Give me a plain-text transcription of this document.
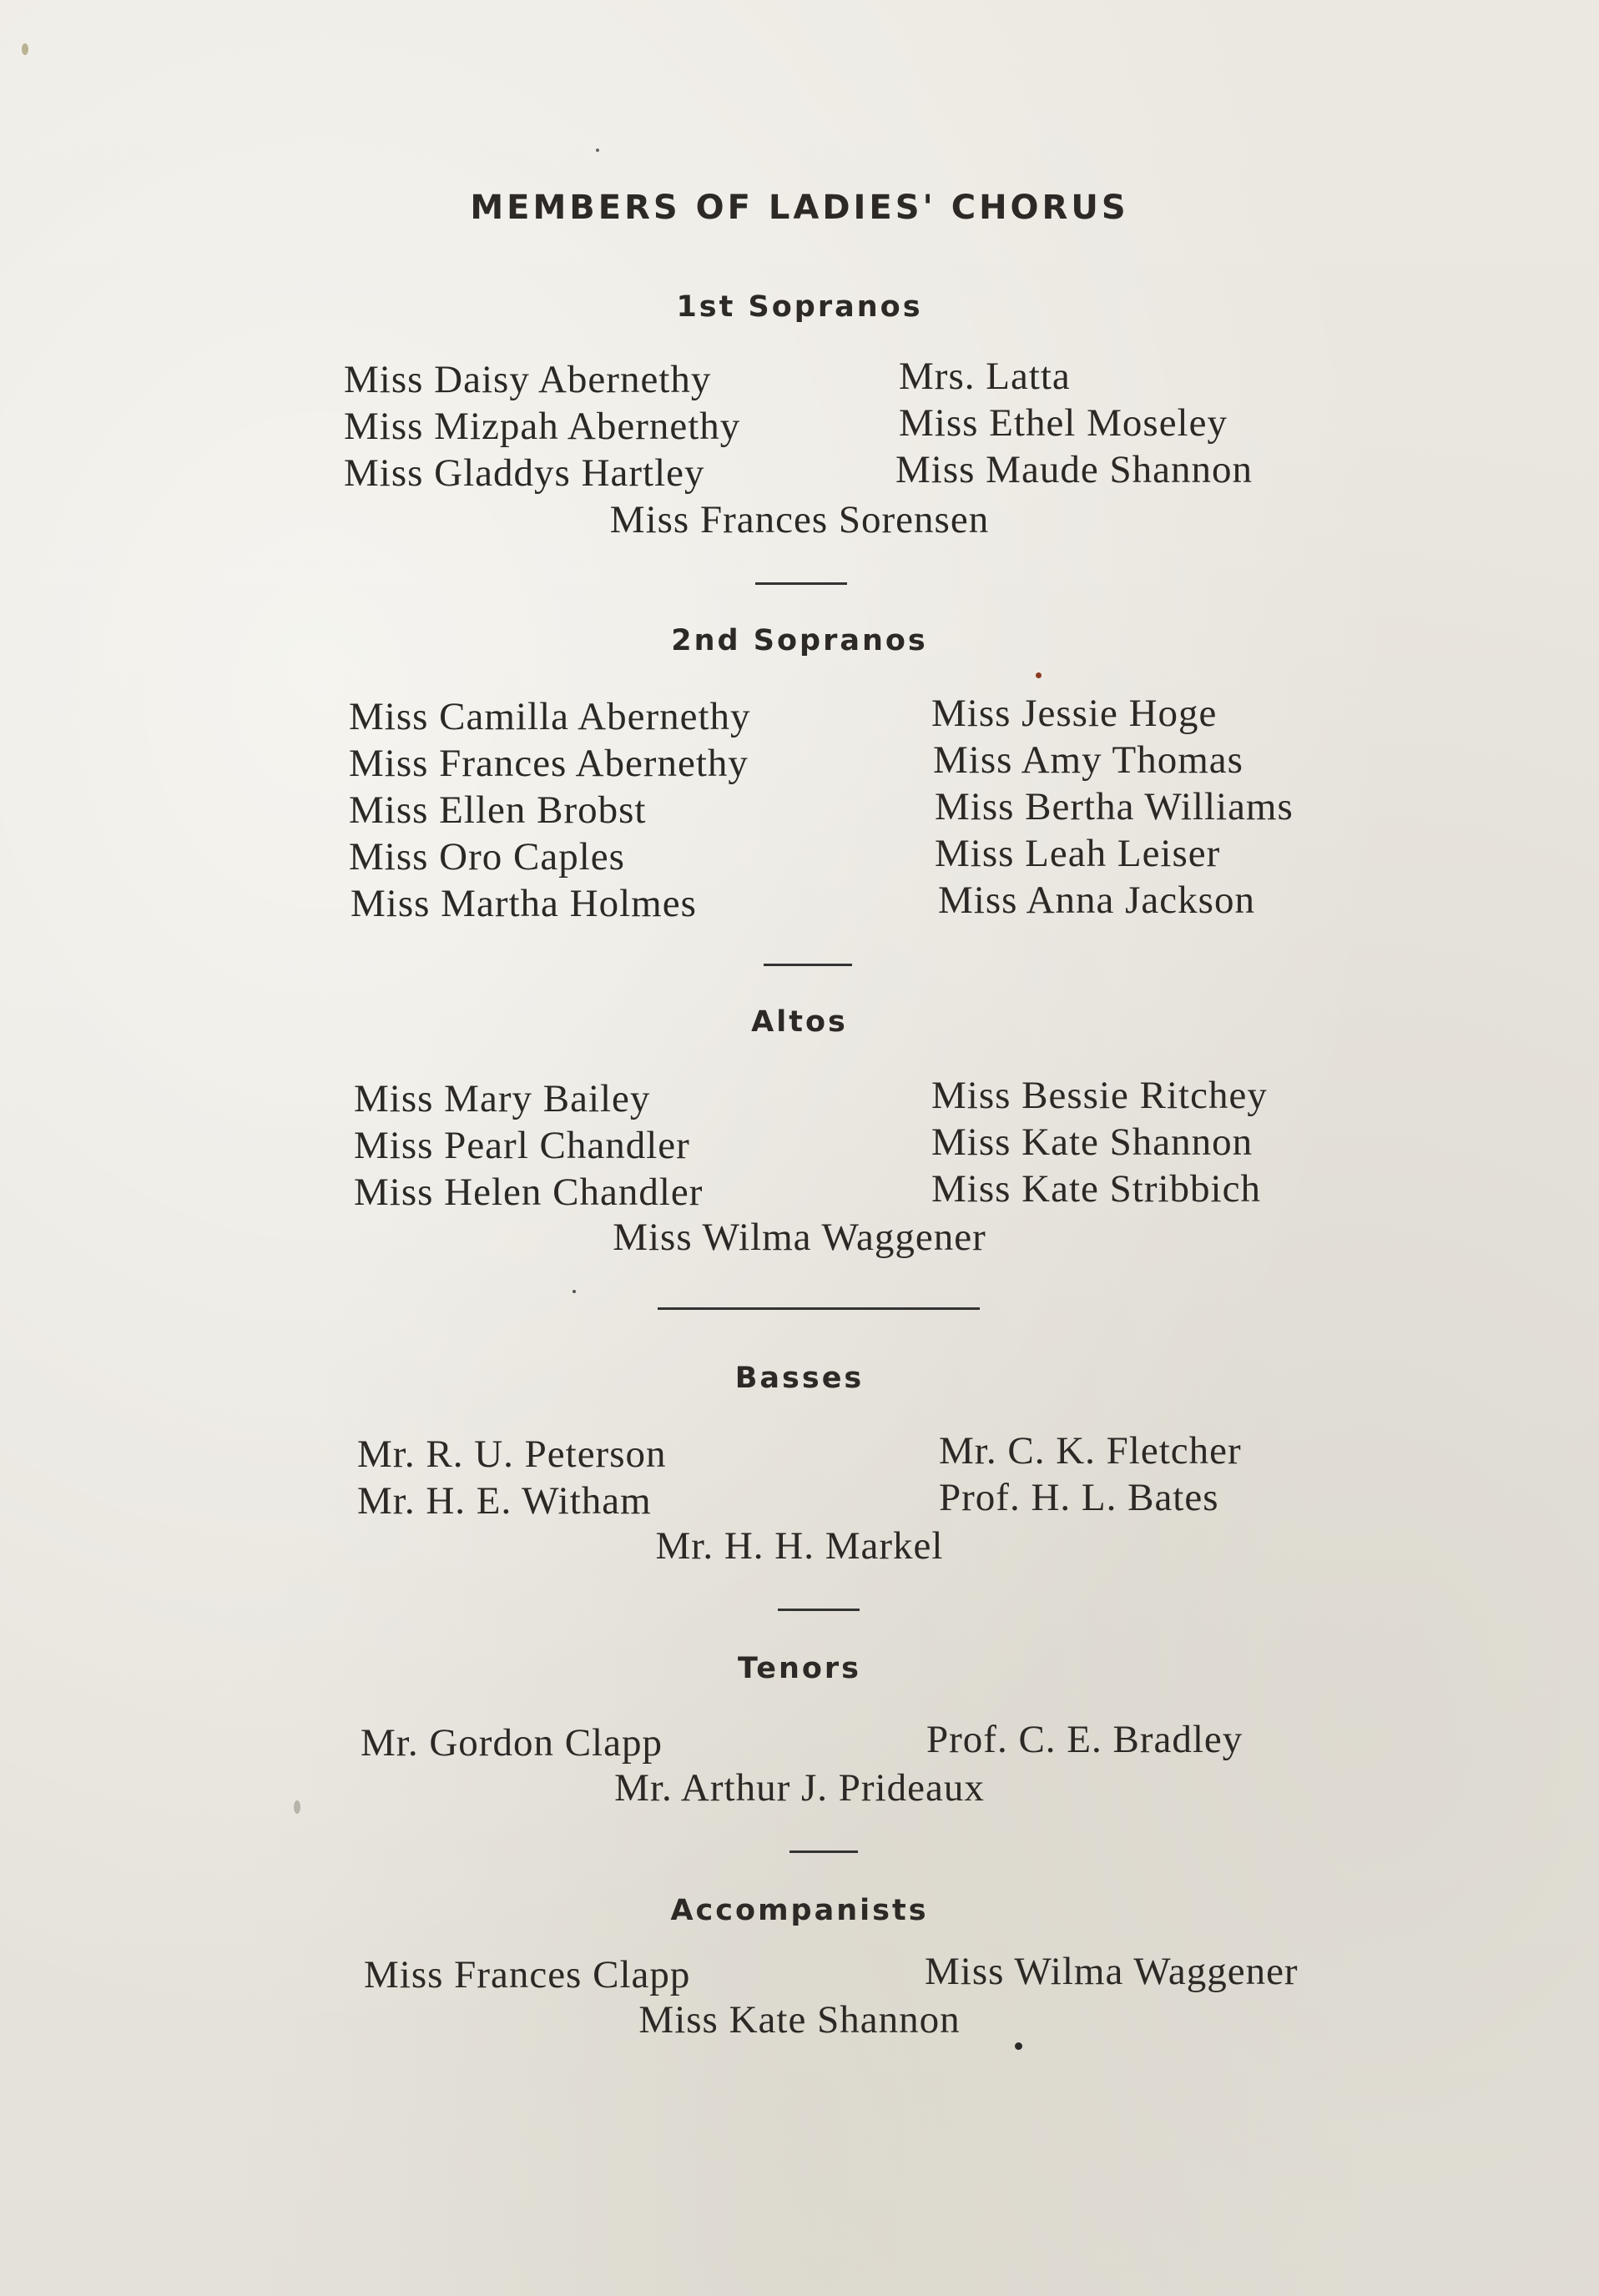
MEMBERS OF LADIES' CHORUS
1st Sopranos
Miss Daisy Abernethy
Miss Mizpah Abernethy
Miss Gladdys Hartley
Mrs. Latta
Miss Ethel Moseley
Miss Maude Shannon
Miss Frances Sorensen
2nd Sopranos
Miss Camilla Abernethy
Miss Frances Abernethy
Miss Ellen Brobst
Miss Oro Caples
Miss Martha Holmes
Miss Jessie Hoge
Miss Amy Thomas
Miss Bertha Williams
Miss Leah Leiser
Miss Anna Jackson
Altos
Miss Mary Bailey
Miss Pearl Chandler
Miss Helen Chandler
Miss Bessie Ritchey
Miss Kate Shannon
Miss Kate Stribbich
Miss Wilma Waggener
Basses
Mr. R. U. Peterson
Mr. H. E. Witham
Mr. C. K. Fletcher
Prof. H. L. Bates
Mr. H. H. Markel
Tenors
Mr. Gordon Clapp	Prof. C. E. Bradley
Mr. Arthur J. Prideaux
Accompanists
Miss Frances Clapp	Miss Wilma Waggener
Miss Kate Shannon
